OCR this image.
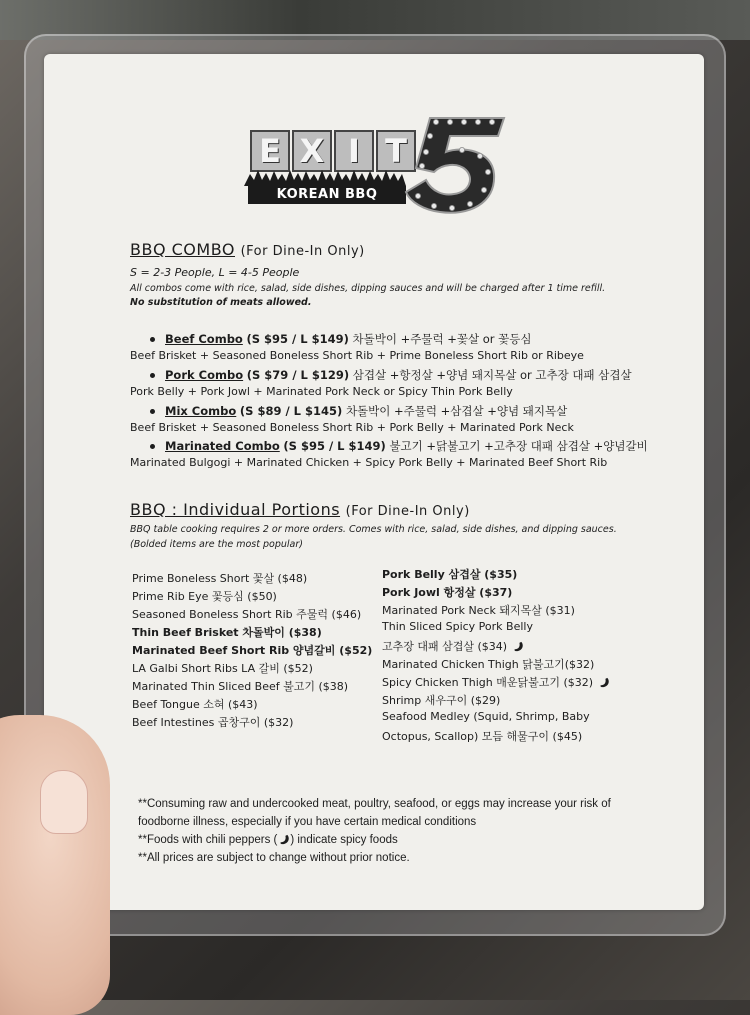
E X I T
KOREAN BBQ
BBQ COMBO (For Dine-In Only)
S = 2-3 People, L = 4-5 People
All combos come with rice, salad, side dishes, dipping sauces and will be charged after 1 time refill.
No substitution of meats allowed.
Beef Combo (S $95 / L $149) 차돌박이 +주물럭 +꽃살 or 꽃등심
Beef Brisket + Seasoned Boneless Short Rib + Prime Boneless Short Rib or Ribeye
Pork Combo (S $79 / L $129) 삼겹살 +항정살 +양념 돼지목살 or 고추장 대패 삼겹살
Pork Belly + Pork Jowl + Marinated Pork Neck or Spicy Thin Pork Belly
Mix Combo (S $89 / L $145) 차돌박이 +주물럭 +삼겹살 +양념 돼지목살
Beef Brisket + Seasoned Boneless Short Rib + Pork Belly + Marinated Pork Neck
Marinated Combo (S $95 / L $149) 불고기 +닭불고기 +고추장 대패 삼겹살 +양념갈비
Marinated Bulgogi + Marinated Chicken + Spicy Pork Belly + Marinated Beef Short Rib
BBQ : Individual Portions (For Dine-In Only)
BBQ table cooking requires 2 or more orders. Comes with rice, salad, side dishes, and dipping sauces.
(Bolded items are the most popular)
Prime Boneless Short 꽃살 ($48)
Prime Rib Eye 꽃등심 ($50)
Seasoned Boneless Short Rib 주물럭 ($46)
Thin Beef Brisket 차돌박이 ($38)
Marinated Beef Short Rib 양념갈비 ($52)
LA Galbi Short Ribs LA 갈비 ($52)
Marinated Thin Sliced Beef 불고기 ($38)
Beef Tongue 소혀 ($43)
Beef Intestines 곱창구이 ($32)
Pork Belly 삼겹살 ($35)
Pork Jowl 항정살 ($37)
Marinated Pork Neck 돼지목살 ($31)
Thin Sliced Spicy Pork Belly
고추장 대패 삼겹살 ($34)
Marinated Chicken Thigh 닭불고기($32)
Spicy Chicken Thigh 매운닭불고기 ($32)
Shrimp 새우구이 ($29)
Seafood Medley (Squid, Shrimp, Baby
Octopus, Scallop) 모듬 해물구이 ($45)
**Consuming raw and undercooked meat, poultry, seafood, or eggs may increase your risk of
foodborne illness, especially if you have certain medical conditions
**Foods with chili peppers ( ) indicate spicy foods
**All prices are subject to change without prior notice.
